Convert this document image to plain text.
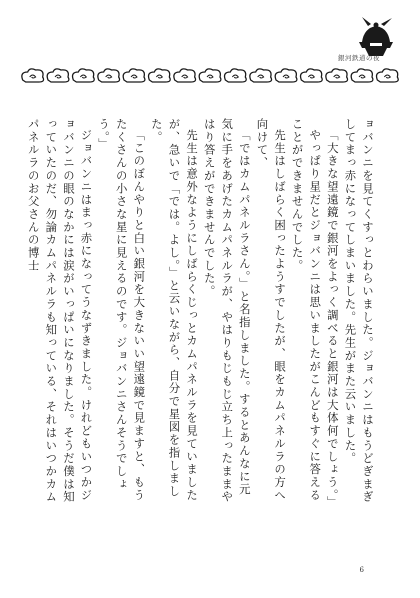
銀河鉄道の夜

ョバンニを見てくすっとわらいました。ジョバンニはもうどぎまぎしてまっ赤になってしまいました。先生がまた云いました。

「大きな望遠鏡で銀河をよっく調べると銀河は大体何でしょう。」

やっぱり星だとジョバンニは思いましたがこんどもすぐに答えることができませんでした。

先生はしばらく困ったようすでしたが、眼をカムパネルラの方へ向けて、

「ではカムパネルラさん。」と名指しました。するとあんなに元気に手をあげたカムパネルラが、やはりもじもじ立ち上ったままやはり答えができませんでした。

先生は意外なようにしばらくじっとカムパネルラを見ていましたが、急いで「では。よし。」と云いながら、自分で星図を指しました。

「このぼんやりと白い銀河を大きないい望遠鏡で見ますと、もうたくさんの小さな星に見えるのです。ジョバンニさんそうでしょう。」

ジョバンニはまっ赤になってうなずきました。けれどもいつかジョバンニの眼のなかには涙がいっぱいになりました。そうだ僕は知っていたのだ、勿論カムパネルラも知っている、それはいつかカムパネルラのお父さんの博士

6
